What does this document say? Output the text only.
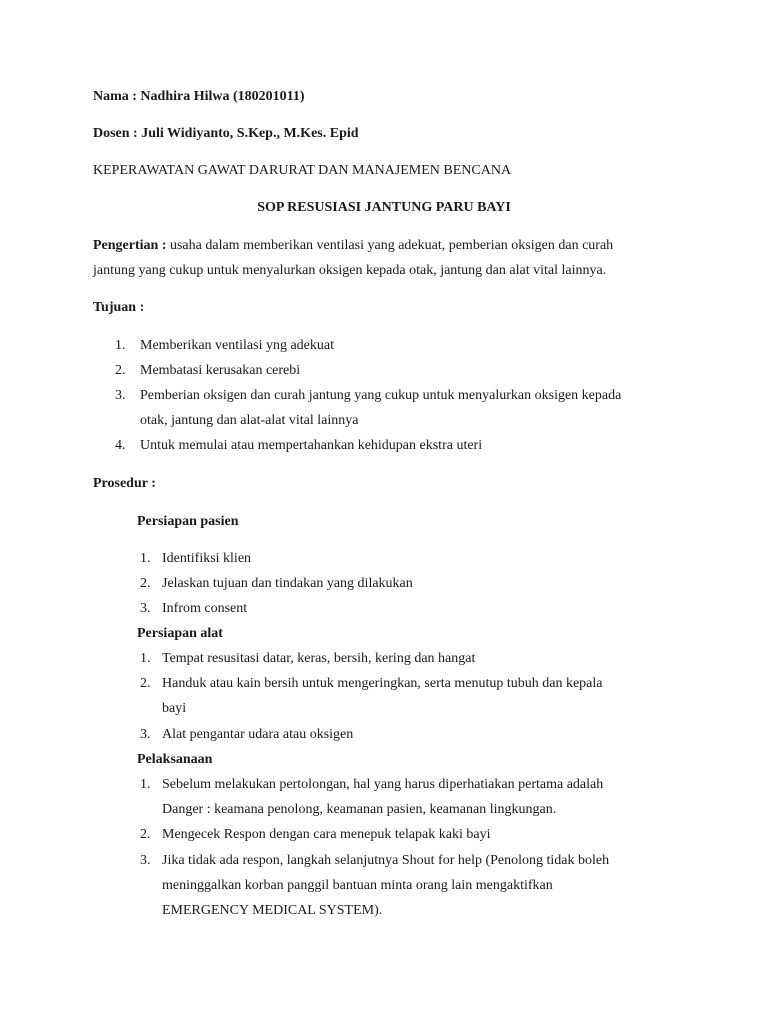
Nama : Nadhira Hilwa (180201011)
Dosen : Juli Widiyanto, S.Kep., M.Kes. Epid
KEPERAWATAN GAWAT DARURAT DAN MANAJEMEN BENCANA
SOP RESUSIASI JANTUNG PARU BAYI
Pengertian : usaha dalam memberikan ventilasi yang adekuat, pemberian oksigen dan curah
jantung yang cukup untuk menyalurkan oksigen kepada otak, jantung dan alat vital lainnya.
Tujuan :
1. Memberikan ventilasi yng adekuat
2. Membatasi kerusakan cerebi
3. Pemberian oksigen dan curah jantung yang cukup untuk menyalurkan oksigen kepada
otak, jantung dan alat-alat vital lainnya
4. Untuk memulai atau mempertahankan kehidupan ekstra uteri
Prosedur :
Persiapan pasien
1. Identifiksi klien
2. Jelaskan tujuan dan tindakan yang dilakukan
3. Infrom consent
Persiapan alat
1. Tempat resusitasi datar, keras, bersih, kering dan hangat
2. Handuk atau kain bersih untuk mengeringkan, serta menutup tubuh dan kepala
bayi
3. Alat pengantar udara atau oksigen
Pelaksanaan
1. Sebelum melakukan pertolongan, hal yang harus diperhatiakan pertama adalah
Danger : keamana penolong, keamanan pasien, keamanan lingkungan.
2. Mengecek Respon dengan cara menepuk telapak kaki bayi
3. Jika tidak ada respon, langkah selanjutnya Shout for help (Penolong tidak boleh
meninggalkan korban panggil bantuan minta orang lain mengaktifkan
EMERGENCY MEDICAL SYSTEM).
